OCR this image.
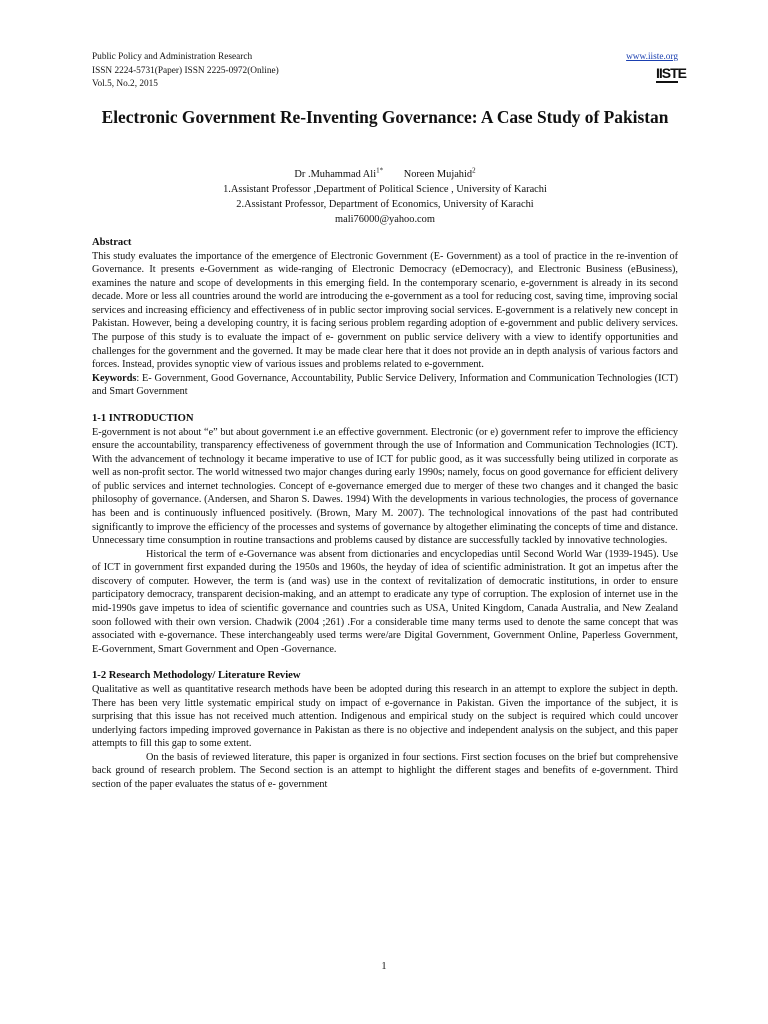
Public Policy and Administration Research
ISSN 2224-5731(Paper) ISSN 2225-0972(Online)
Vol.5, No.2, 2015
www.iiste.org
IISTE
Electronic Government Re-Inventing Governance: A Case Study of Pakistan
Dr .Muhammad Ali$^{1*}$ Noreen Mujahid$^2$
1.Assistant Professor ,Department of Political Science , University of Karachi
2.Assistant Professor, Department of Economics, University of Karachi
mali76000@yahoo.com
Abstract

This study evaluates the importance of the emergence of Electronic Government (E- Government) as a tool of practice in the re-invention of Governance. It presents e-Government as wide-ranging of Electronic Democracy (eDemocracy), and Electronic Business (eBusiness), examines the nature and scope of developments in this emerging field. In the contemporary scenario, e-government is already in its second decade. More or less all countries around the world are introducing the e-government as a tool for reducing cost, saving time, improving social services and increasing efficiency and effectiveness of in public sector improving social services. E-government is a relatively new concept in Pakistan. However, being a developing country, it is facing serious problem regarding adoption of e-government and public delivery services. The purpose of this study is to evaluate the impact of e- government on public service delivery with a view to identify opportunities and challenges for the government and the governed. It may be made clear here that it does not provide an in depth analysis of various factors and forces. Instead, provides synoptic view of various issues and problems related to e-government.

Keywords: E- Government, Good Governance, Accountability, Public Service Delivery, Information and Communication Technologies (ICT) and Smart Government

1-1 INTRODUCTION

E-government is not about “e” but about government i.e an effective government. Electronic (or e) government refer to improve the efficiency ensure the accountability, transparency effectiveness of government through the use of Information and Communication Technologies (ICT). With the advancement of technology it became imperative to use of ICT for public good, as it was successfully being utilized in corporate as well as non-profit sector. The world witnessed two major changes during early 1990s; namely, focus on good governance for efficient delivery of public services and internet technologies. Concept of e-governance emerged due to merger of these two changes and it changed the basic philosophy of governance. (Andersen, and Sharon S. Dawes. 1994) With the developments in various technologies, the process of governance has been and is continuously influenced positively. (Brown, Mary M. 2007). The technological innovations of the past had contributed significantly to improve the efficiency of the processes and systems of governance by altogether eliminating the concepts of time and distance. Unnecessary time consumption in routine transactions and problems caused by distance are successfully tackled by innovative technologies.

Historical the term of e-Governance was absent from dictionaries and encyclopedias until Second World War (1939-1945). Use of ICT in government first expanded during the 1950s and 1960s, the heyday of idea of scientific administration. It got an impetus after the discovery of computer. However, the term is (and was) use in the context of revitalization of democratic institutions, in order to ensure participatory democracy, transparent decision-making, and an attempt to eradicate any type of corruption. The explosion of internet use in the mid-1990s gave impetus to idea of scientific governance and countries such as USA, United Kingdom, Canada Australia, and New Zealand soon followed with their own version. Chadwik (2004 ;261) .For a considerable time many terms used to denote the same concept that was associated with e-governance. These interchangeably used terms were/are Digital Government, Government Online, Paperless Government, E-Government, Smart Government and Open -Governance.

1-2 Research Methodology/ Literature Review

Qualitative as well as quantitative research methods have been be adopted during this research in an attempt to explore the subject in depth. There has been very little systematic empirical study on impact of e-governance in Pakistan. Given the importance of the subject, it is surprising that this issue has not received much attention. Indigenous and empirical study on the subject is required which could uncover underlying factors impeding improved governance in Pakistan as there is no objective and independent analysis on the subject, and this paper attempts to fill this gap to some extent.

On the basis of reviewed literature, this paper is organized in four sections. First section focuses on the brief but comprehensive back ground of research problem. The Second section is an attempt to highlight the different stages and benefits of e-government. Third section of the paper evaluates the status of e- government

1
